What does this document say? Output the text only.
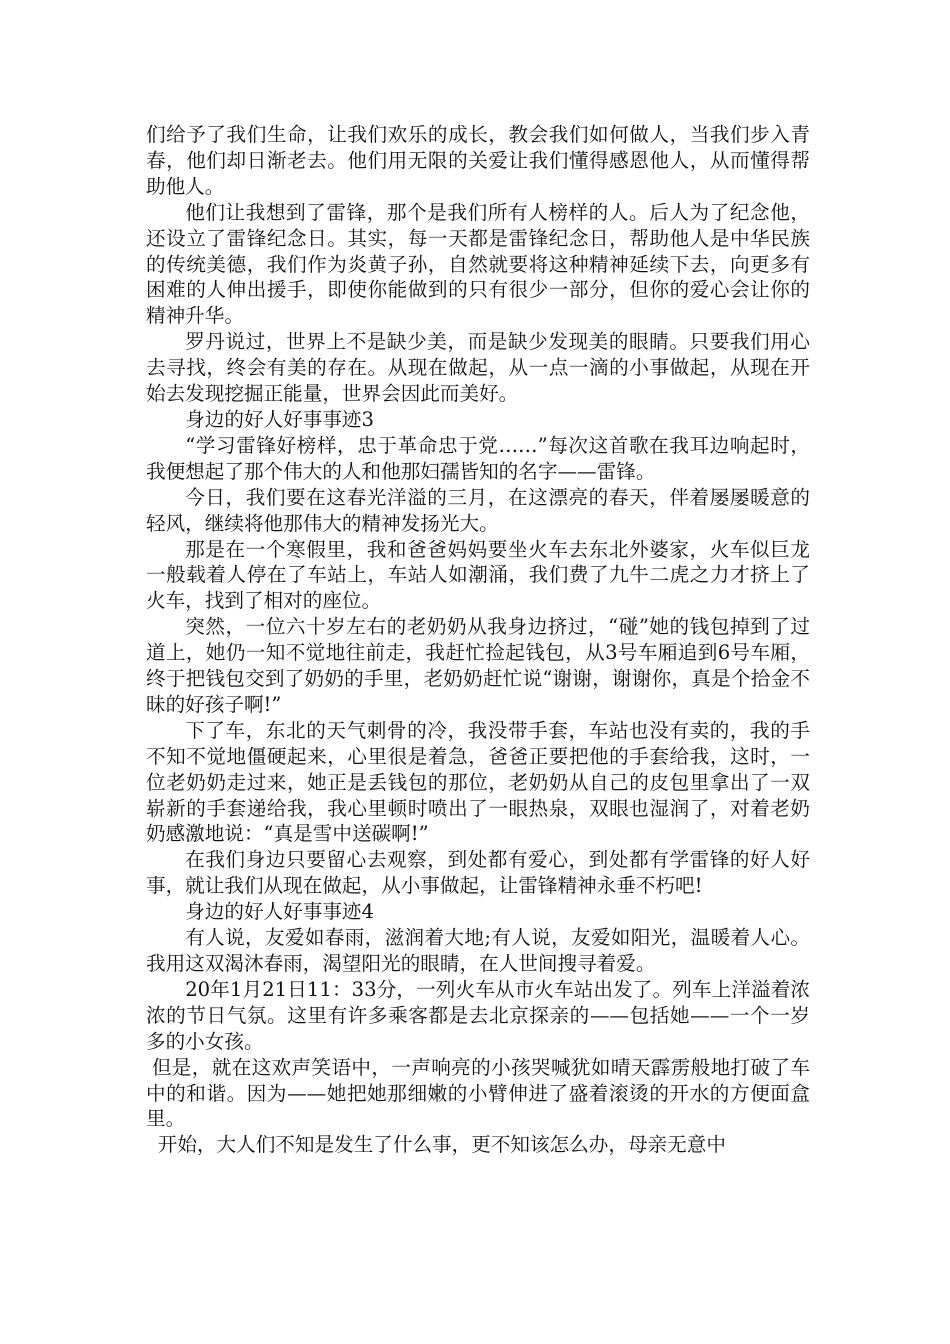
们给予了我们生命，让我们欢乐的成长，教会我们如何做人，当我们步入青春，他们却日渐老去。他们用无限的关爱让我们懂得感恩他人，从而懂得帮助他人。

他们让我想到了雷锋，那个是我们所有人榜样的人。后人为了纪念他，还设立了雷锋纪念日。其实，每一天都是雷锋纪念日，帮助他人是中华民族的传统美德，我们作为炎黄子孙，自然就要将这种精神延续下去，向更多有困难的人伸出援手，即使你能做到的只有很少一部分，但你的爱心会让你的精神升华。

罗丹说过，世界上不是缺少美，而是缺少发现美的眼睛。只要我们用心去寻找，终会有美的存在。从现在做起，从一点一滴的小事做起，从现在开始去发现挖掘正能量，世界会因此而美好。

身边的好人好事事迹3

“学习雷锋好榜样，忠于革命忠于党……”每次这首歌在我耳边响起时，我便想起了那个伟大的人和他那妇孺皆知的名字——雷锋。

今日，我们要在这春光洋溢的三月，在这漂亮的春天，伴着屡屡暖意的轻风，继续将他那伟大的精神发扬光大。

那是在一个寒假里，我和爸爸妈妈要坐火车去东北外婆家，火车似巨龙一般载着人停在了车站上，车站人如潮涌，我们费了九牛二虎之力才挤上了火车，找到了相对的座位。

突然，一位六十岁左右的老奶奶从我身边挤过，“碰”她的钱包掉到了过道上，她仍一知不觉地往前走，我赶忙捡起钱包，从3号车厢追到6号车厢，终于把钱包交到了奶奶的手里，老奶奶赶忙说“谢谢，谢谢你，真是个拾金不昧的好孩子啊!”

下了车，东北的天气刺骨的冷，我没带手套，车站也没有卖的，我的手不知不觉地僵硬起来，心里很是着急，爸爸正要把他的手套给我，这时，一位老奶奶走过来，她正是丢钱包的那位，老奶奶从自己的皮包里拿出了一双崭新的手套递给我，我心里顿时喷出了一眼热泉，双眼也湿润了，对着老奶奶感激地说：“真是雪中送碳啊!”

在我们身边只要留心去观察，到处都有爱心，到处都有学雷锋的好人好事，就让我们从现在做起，从小事做起，让雷锋精神永垂不朽吧!

身边的好人好事事迹4

有人说，友爱如春雨，滋润着大地;有人说，友爱如阳光，温暖着人心。我用这双渴沐春雨，渴望阳光的眼睛，在人世间搜寻着爱。

20年1月21日11：33分，一列火车从市火车站出发了。列车上洋溢着浓浓的节日气氛。这里有许多乘客都是去北京探亲的——包括她——一个一岁多的小女孩。

但是，就在这欢声笑语中，一声响亮的小孩哭喊犹如晴天霹雳般地打破了车中的和谐。因为——她把她那细嫩的小臂伸进了盛着滚烫的开水的方便面盒里。

开始，大人们不知是发生了什么事，更不知该怎么办，母亲无意中
